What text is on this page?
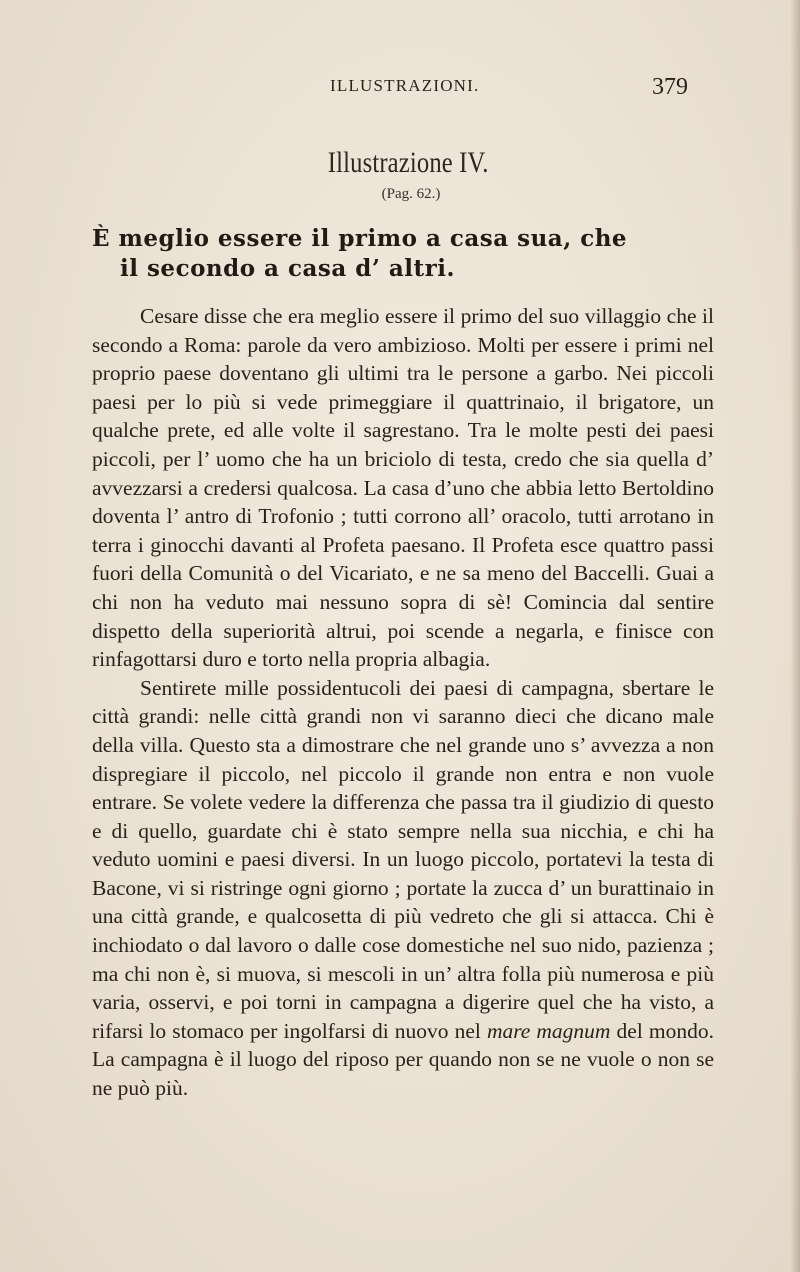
ILLUSTRAZIONI.	379
Illustrazione IV.
(Pag. 62.)
È meglio essere il primo a casa sua, che
il secondo a casa d’ altri.

Cesare disse che era meglio essere il primo del suo villaggio che il secondo a Roma: parole da vero ambizioso. Molti per essere i primi nel proprio paese doventano gli ultimi tra le persone a garbo. Nei piccoli paesi per lo più si vede primeggiare il quattrinaio, il brigatore, un qualche prete, ed alle volte il sagrestano. Tra le molte pesti dei paesi piccoli, per l’ uomo che ha un briciolo di testa, credo che sia quella d’ avvezzarsi a credersi qualcosa. La casa d’uno che abbia letto Bertoldino doventa l’ antro di Trofonio ; tutti corrono all’ oracolo, tutti arrotano in terra i ginocchi davanti al Profeta paesano. Il Profeta esce quattro passi fuori della Comunità o del Vicariato, e ne sa meno del Baccelli. Guai a chi non ha veduto mai nessuno sopra di sè! Comincia dal sentire dispetto della superiorità altrui, poi scende a negarla, e finisce con rinfagottarsi duro e torto nella propria albagia.

Sentirete mille possidentucoli dei paesi di campagna, sbertare le città grandi: nelle città grandi non vi saranno dieci che dicano male della villa. Questo sta a dimostrare che nel grande uno s’ avvezza a non dispregiare il piccolo, nel piccolo il grande non entra e non vuole entrare. Se volete vedere la differenza che passa tra il giudizio di questo e di quello, guardate chi è stato sempre nella sua nicchia, e chi ha veduto uomini e paesi diversi. In un luogo piccolo, portatevi la testa di Bacone, vi si ristringe ogni giorno ; portate la zucca d’ un burattinaio in una città grande, e qualcosetta di più vedreto che gli si attacca. Chi è inchiodato o dal lavoro o dalle cose domestiche nel suo nido, pazienza ; ma chi non è, si muova, si mescoli in un’ altra folla più numerosa e più varia, osservi, e poi torni in campagna a digerire quel che ha visto, a rifarsi lo stomaco per ingolfarsi di nuovo nel mare magnum del mondo. La campagna è il luogo del riposo per quando non se ne vuole o non se ne può più.
